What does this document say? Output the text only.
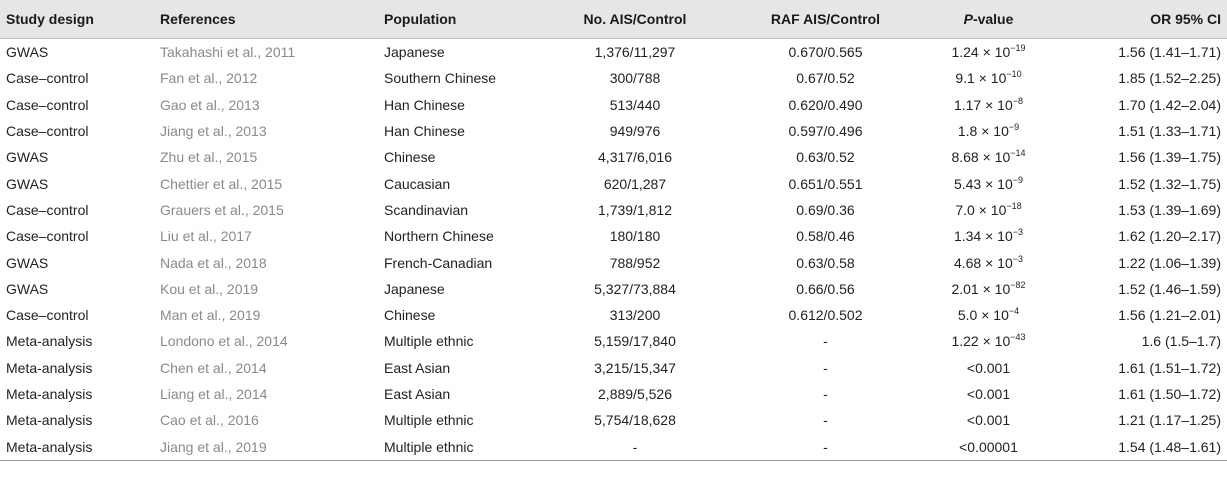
Study design	References	Population	No. AIS/Control	RAF AIS/Control	P-value	OR 95% CI
GWAS	Takahashi et al., 2011	Japanese	1,376/11,297	0.670/0.565	$1.24 \times 10^{-19}$	1.56 (1.41–1.71)
Case–control	Fan et al., 2012	Southern Chinese	300/788	0.67/0.52	$9.1 \times 10^{-10}$	1.85 (1.52–2.25)
Case–control	Gao et al., 2013	Han Chinese	513/440	0.620/0.490	$1.17 \times 10^{-8}$	1.70 (1.42–2.04)
Case–control	Jiang et al., 2013	Han Chinese	949/976	0.597/0.496	$1.8 \times 10^{-9}$	1.51 (1.33–1.71)
GWAS	Zhu et al., 2015	Chinese	4,317/6,016	0.63/0.52	$8.68 \times 10^{-14}$	1.56 (1.39–1.75)
GWAS	Chettier et al., 2015	Caucasian	620/1,287	0.651/0.551	$5.43 \times 10^{-9}$	1.52 (1.32–1.75)
Case–control	Grauers et al., 2015	Scandinavian	1,739/1,812	0.69/0.36	$7.0 \times 10^{-18}$	1.53 (1.39–1.69)
Case–control	Liu et al., 2017	Northern Chinese	180/180	0.58/0.46	$1.34 \times 10^{-3}$	1.62 (1.20–2.17)
GWAS	Nada et al., 2018	French-Canadian	788/952	0.63/0.58	$4.68 \times 10^{-3}$	1.22 (1.06–1.39)
GWAS	Kou et al., 2019	Japanese	5,327/73,884	0.66/0.56	$2.01 \times 10^{-82}$	1.52 (1.46–1.59)
Case–control	Man et al., 2019	Chinese	313/200	0.612/0.502	$5.0 \times 10^{-4}$	1.56 (1.21–2.01)
Meta-analysis	Londono et al., 2014	Multiple ethnic	5,159/17,840	-	$1.22 \times 10^{-43}$	1.6 (1.5–1.7)
Meta-analysis	Chen et al., 2014	East Asian	3,215/15,347	-	<0.001	1.61 (1.51–1.72)
Meta-analysis	Liang et al., 2014	East Asian	2,889/5,526	-	<0.001	1.61 (1.50–1.72)
Meta-analysis	Cao et al., 2016	Multiple ethnic	5,754/18,628	-	<0.001	1.21 (1.17–1.25)
Meta-analysis	Jiang et al., 2019	Multiple ethnic	-	-	<0.00001	1.54 (1.48–1.61)
